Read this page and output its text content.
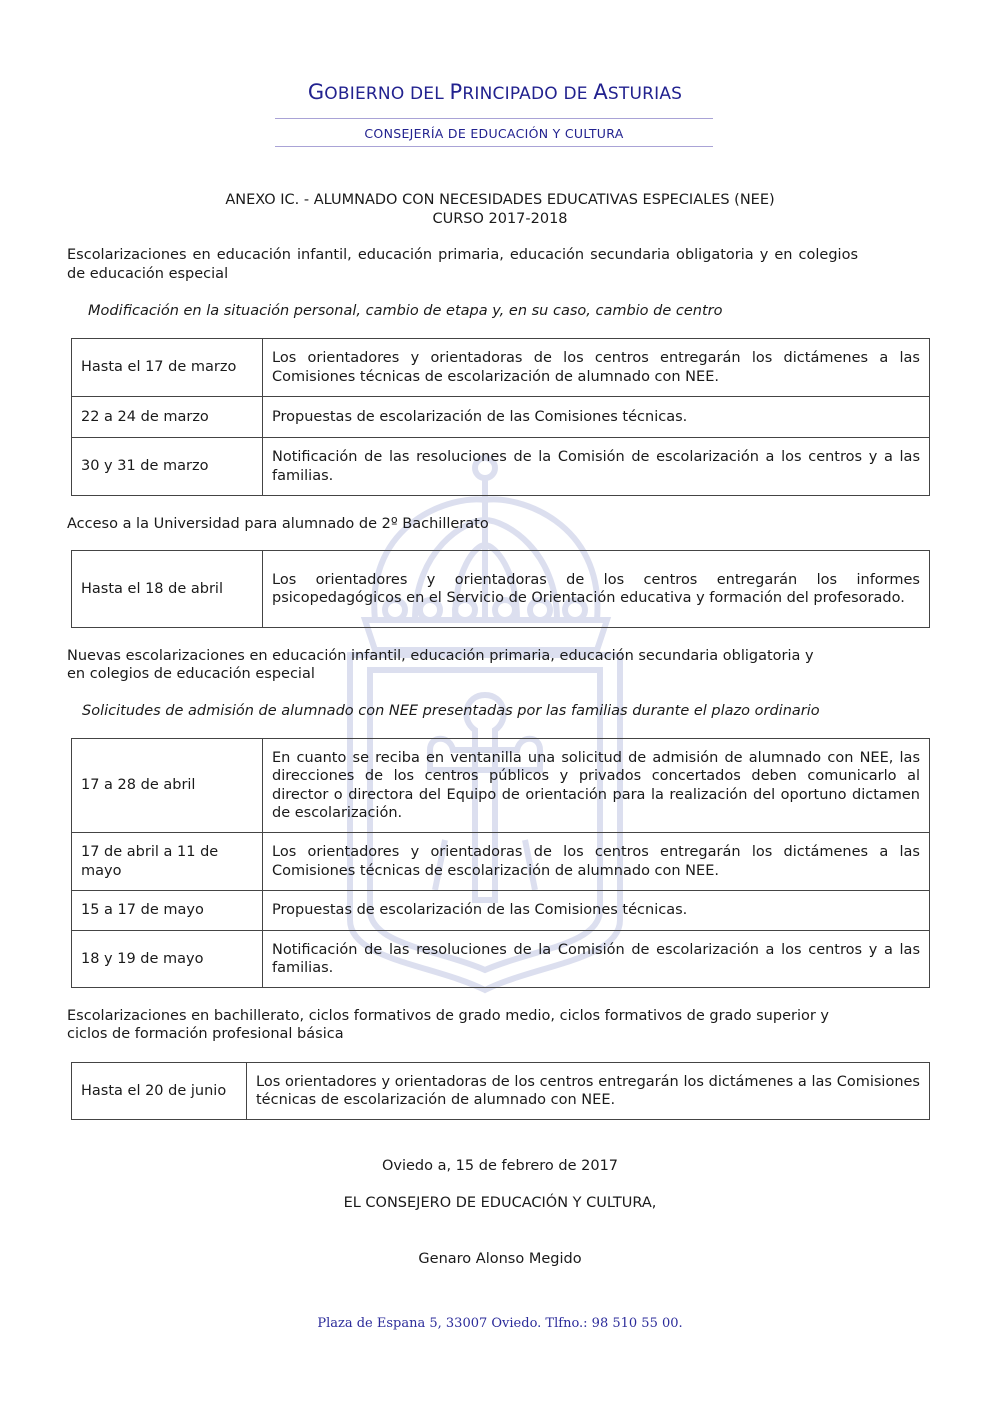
GOBIERNO DEL PRINCIPADO DE ASTURIAS
CONSEJERÍA DE EDUCACIÓN Y CULTURA
ANEXO IC. - ALUMNADO CON NECESIDADES EDUCATIVAS ESPECIALES (NEE)
CURSO 2017-2018
Escolarizaciones en educación infantil, educación primaria, educación secundaria obligatoria y en colegios de educación especial
Modificación en la situación personal, cambio de etapa y, en su caso, cambio de centro
Hasta el 17 de marzo	Los orientadores y orientadoras de los centros entregarán los dictámenes a las Comisiones técnicas de escolarización de alumnado con NEE.
22 a 24 de marzo	Propuestas de escolarización de las Comisiones técnicas.
30 y 31 de marzo	Notificación de las resoluciones de la Comisión de escolarización a los centros y a las familias.
Acceso a la Universidad para alumnado de 2º Bachillerato
Hasta el 18 de abril	Los orientadores y orientadoras de los centros entregarán los informes psicopedagógicos en el Servicio de Orientación educativa y formación del profesorado.
Nuevas escolarizaciones en educación infantil, educación primaria, educación secundaria obligatoria y
en colegios de educación especial
Solicitudes de admisión de alumnado con NEE presentadas por las familias durante el plazo ordinario
17 a 28 de abril	En cuanto se reciba en ventanilla una solicitud de admisión de alumnado con NEE, las direcciones de los centros públicos y privados concertados deben comunicarlo al director o directora del Equipo de orientación para la realización del oportuno dictamen de escolarización.
17 de abril a 11 de mayo	Los orientadores y orientadoras de los centros entregarán los dictámenes a las Comisiones técnicas de escolarización de alumnado con NEE.
15 a 17 de mayo	Propuestas de escolarización de las Comisiones técnicas.
18 y 19 de mayo	Notificación de las resoluciones de la Comisión de escolarización a los centros y a las familias.
Escolarizaciones en bachillerato, ciclos formativos de grado medio, ciclos formativos de grado superior y
ciclos de formación profesional básica
Hasta el 20 de junio	Los orientadores y orientadoras de los centros entregarán los dictámenes a las Comisiones técnicas de escolarización de alumnado con NEE.
Oviedo a, 15 de febrero de 2017
EL CONSEJERO DE EDUCACIÓN Y CULTURA,
Genaro Alonso Megido
Plaza de Espana 5, 33007 Oviedo. Tlfno.: 98 510 55 00.
